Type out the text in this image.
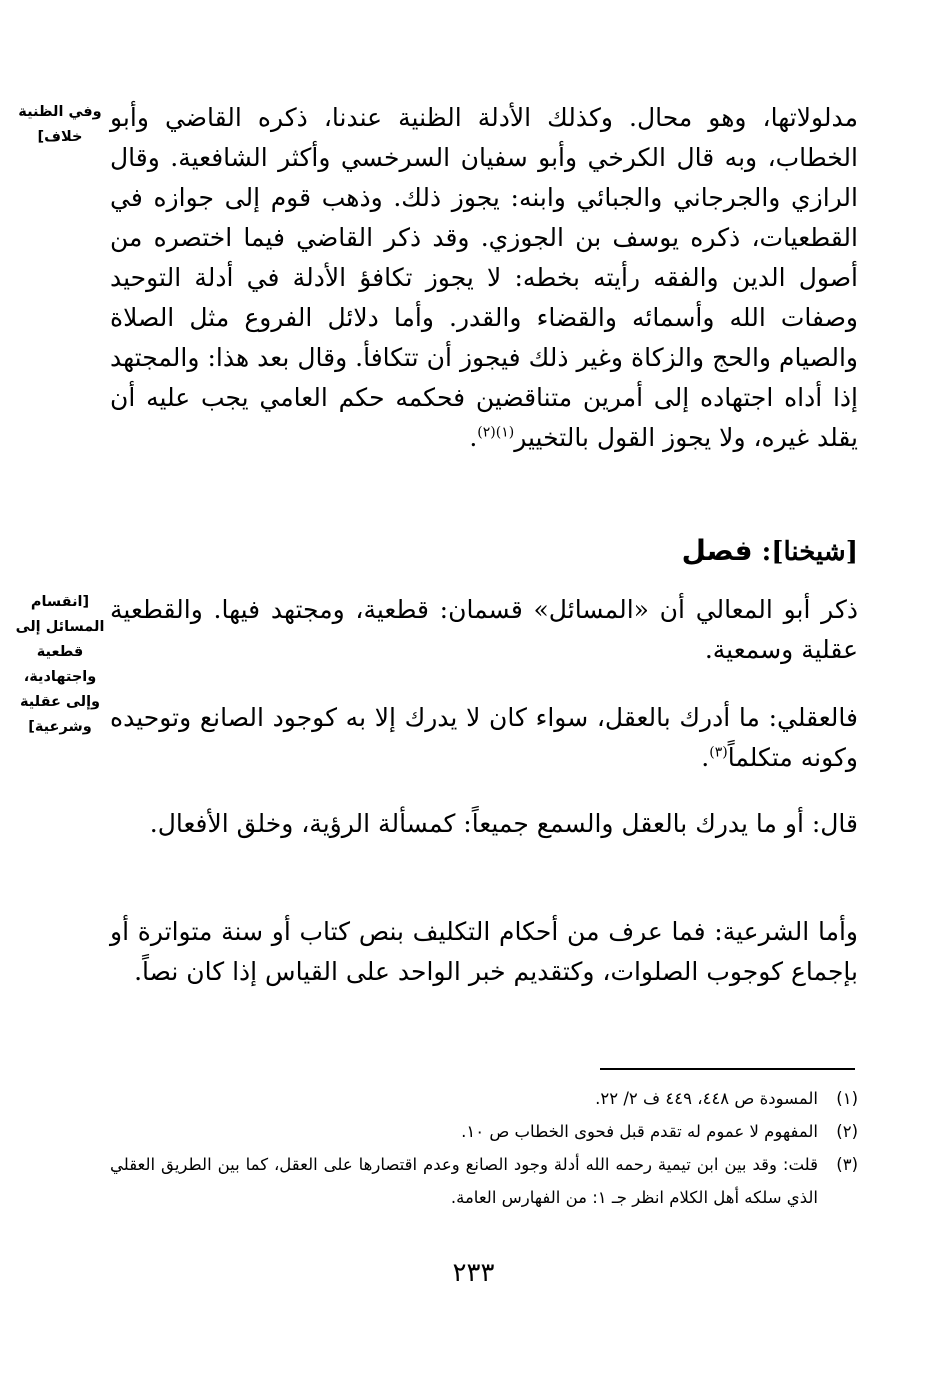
وفي الظنية خلاف]
[انقسام المسائل إلى قطعية واجتهادية، وإلى عقلية وشرعية]
مدلولاتها، وهو محال. وكذلك الأدلة الظنية عندنا، ذكره القاضي وأبو الخطاب، وبه قال الكرخي وأبو سفيان السرخسي وأكثر الشافعية. وقال الرازي والجرجاني والجبائي وابنه: يجوز ذلك. وذهب قوم إلى جوازه في القطعيات، ذكره يوسف بن الجوزي. وقد ذكر القاضي فيما اختصره من أصول الدين والفقه رأيته بخطه: لا يجوز تكافؤ الأدلة في أدلة التوحيد وصفات الله وأسمائه والقضاء والقدر. وأما دلائل الفروع مثل الصلاة والصيام والحج والزكاة وغير ذلك فيجوز أن تتكافأ. وقال بعد هذا: والمجتهد إذا أداه اجتهاده إلى أمرين متناقضين فحكمه حكم العامي يجب عليه أن يقلد غيره، ولا يجوز القول بالتخيير$^{(١)(٢)}$.
[شيخنا]: فصل
ذكر أبو المعالي أن «المسائل» قسمان: قطعية، ومجتهد فيها. والقطعية عقلية وسمعية.
فالعقلي: ما أدرك بالعقل، سواء كان لا يدرك إلا به كوجود الصانع وتوحيده وكونه متكلماً$^{(٣)}$.
قال: أو ما يدرك بالعقل والسمع جميعاً: كمسألة الرؤية، وخلق الأفعال.
وأما الشرعية: فما عرف من أحكام التكليف بنص كتاب أو سنة متواترة أو بإجماع كوجوب الصلوات، وكتقديم خبر الواحد على القياس إذا كان نصاً.
(١)
المسودة ص ٤٤٨، ٤٤٩ ف ٢/ ٢٢.
(٢)
المفهوم لا عموم له تقدم قبل فحوى الخطاب ص ١٠.
(٣)
قلت: وقد بين ابن تيمية رحمه الله أدلة وجود الصانع وعدم اقتصارها على العقل، كما بين الطريق العقلي الذي سلكه أهل الكلام انظر جـ ١: من الفهارس العامة.
٢٣٣
